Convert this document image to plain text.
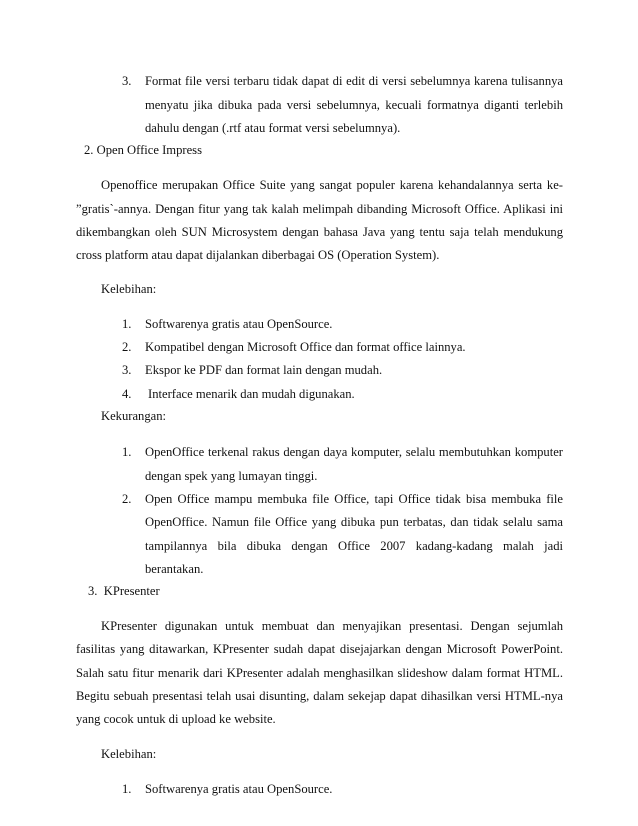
3. Format file versi terbaru tidak dapat di edit di versi sebelumnya karena tulisannya
menyatu jika dibuka pada versi sebelumnya, kecuali formatnya diganti terlebih
dahulu dengan (.rtf atau format versi sebelumnya).
2. Open Office Impress
Openoffice merupakan Office Suite yang sangat populer karena kehandalannya serta ke-
”gratis`-annya. Dengan fitur yang tak kalah melimpah dibanding Microsoft Office. Aplikasi ini
dikembangkan oleh SUN Microsystem dengan bahasa Java yang tentu saja telah mendukung
cross platform atau dapat dijalankan diberbagai OS (Operation System).
Kelebihan:
1. Softwarenya gratis atau OpenSource.
2. Kompatibel dengan Microsoft Office dan format office lainnya.
3. Ekspor ke PDF dan format lain dengan mudah.
4. Interface menarik dan mudah digunakan.
Kekurangan:
1. OpenOffice terkenal rakus dengan daya komputer, selalu membutuhkan komputer
dengan spek yang lumayan tinggi.
2. Open Office mampu membuka file Office, tapi Office tidak bisa membuka file
OpenOffice. Namun file Office yang dibuka pun terbatas, dan tidak selalu sama
tampilannya bila dibuka dengan Office 2007 kadang-kadang malah jadi
berantakan.
3.  KPresenter
KPresenter digunakan untuk membuat dan menyajikan presentasi. Dengan sejumlah
fasilitas yang ditawarkan, KPresenter sudah dapat disejajarkan dengan Microsoft PowerPoint.
Salah satu fitur menarik dari KPresenter adalah menghasilkan slideshow dalam format HTML.
Begitu sebuah presentasi telah usai disunting, dalam sekejap dapat dihasilkan versi HTML-nya
yang cocok untuk di upload ke website.
Kelebihan:
1. Softwarenya gratis atau OpenSource.
